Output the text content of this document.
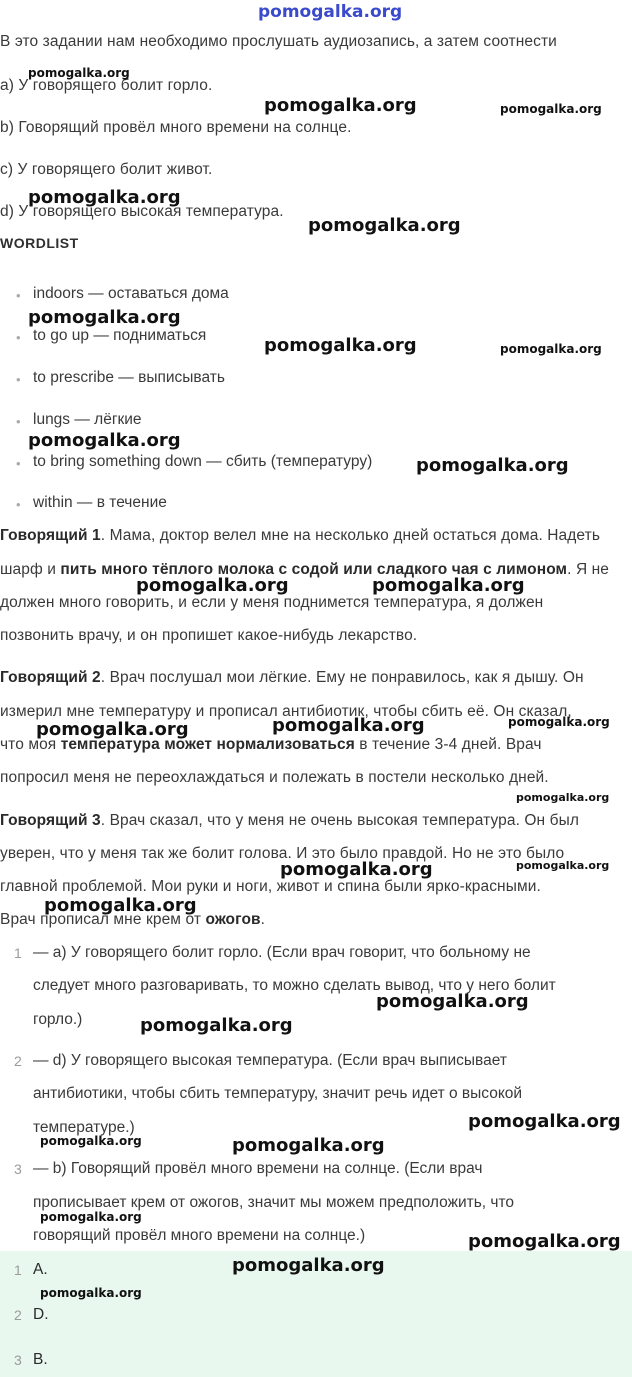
pomogalka.org
В это задании нам необходимо прослушать аудиозапись, а затем соотнести
a) У говорящего болит горло.
b) Говорящий провёл много времени на солнце.
c) У говорящего болит живот.
d) У говорящего высокая температура.
WORDLIST
• indoors — оставаться дома
• to go up — подниматься
• to prescribe — выписывать
• lungs — лёгкие
• to bring something down — сбить (температуру)
• within — в течение
Говорящий 1. Мама, доктор велел мне на несколько дней остаться дома. Надеть
шарф и пить много тёплого молока с содой или сладкого чая с лимоном. Я не
должен много говорить, и если у меня поднимется температура, я должен
позвонить врачу, и он пропишет какое-нибудь лекарство.
Говорящий 2. Врач послушал мои лёгкие. Ему не понравилось, как я дышу. Он
измерил мне температуру и прописал антибиотик, чтобы сбить её. Он сказал,
что моя температура может нормализоваться в течение 3-4 дней. Врач
попросил меня не переохлаждаться и полежать в постели несколько дней.
Говорящий 3. Врач сказал, что у меня не очень высокая температура. Он был
уверен, что у меня так же болит голова. И это было правдой. Но не это было
главной проблемой. Мои руки и ноги, живот и спина были ярко-красными.
Врач прописал мне крем от ожогов.
1 — a) У говорящего болит горло. (Если врач говорит, что больному не
следует много разговаривать, то можно сделать вывод, что у него болит
горло.)
2 — d) У говорящего высокая температура. (Если врач выписывает
антибиотики, чтобы сбить температуру, значит речь идет о высокой
температуре.)
3 — b) Говорящий провёл много времени на солнце. (Если врач
прописывает крем от ожогов, значит мы можем предположить, что
говорящий провёл много времени на солнце.)
1 A.
2 D.
3 B.
pomogalka.org
pomogalka.org	pomogalka.org
pomogalka.org
pomogalka.org
pomogalka.org
pomogalka.org	pomogalka.org
pomogalka.org
pomogalka.org
pomogalka.org	pomogalka.org
pomogalka.org	pomogalka.org	pomogalka.org
pomogalka.org
pomogalka.org	pomogalka.org
pomogalka.org
pomogalka.org
pomogalka.org
pomogalka.org
pomogalka.org	pomogalka.org
pomogalka.org
pomogalka.org
pomogalka.org
pomogalka.org
